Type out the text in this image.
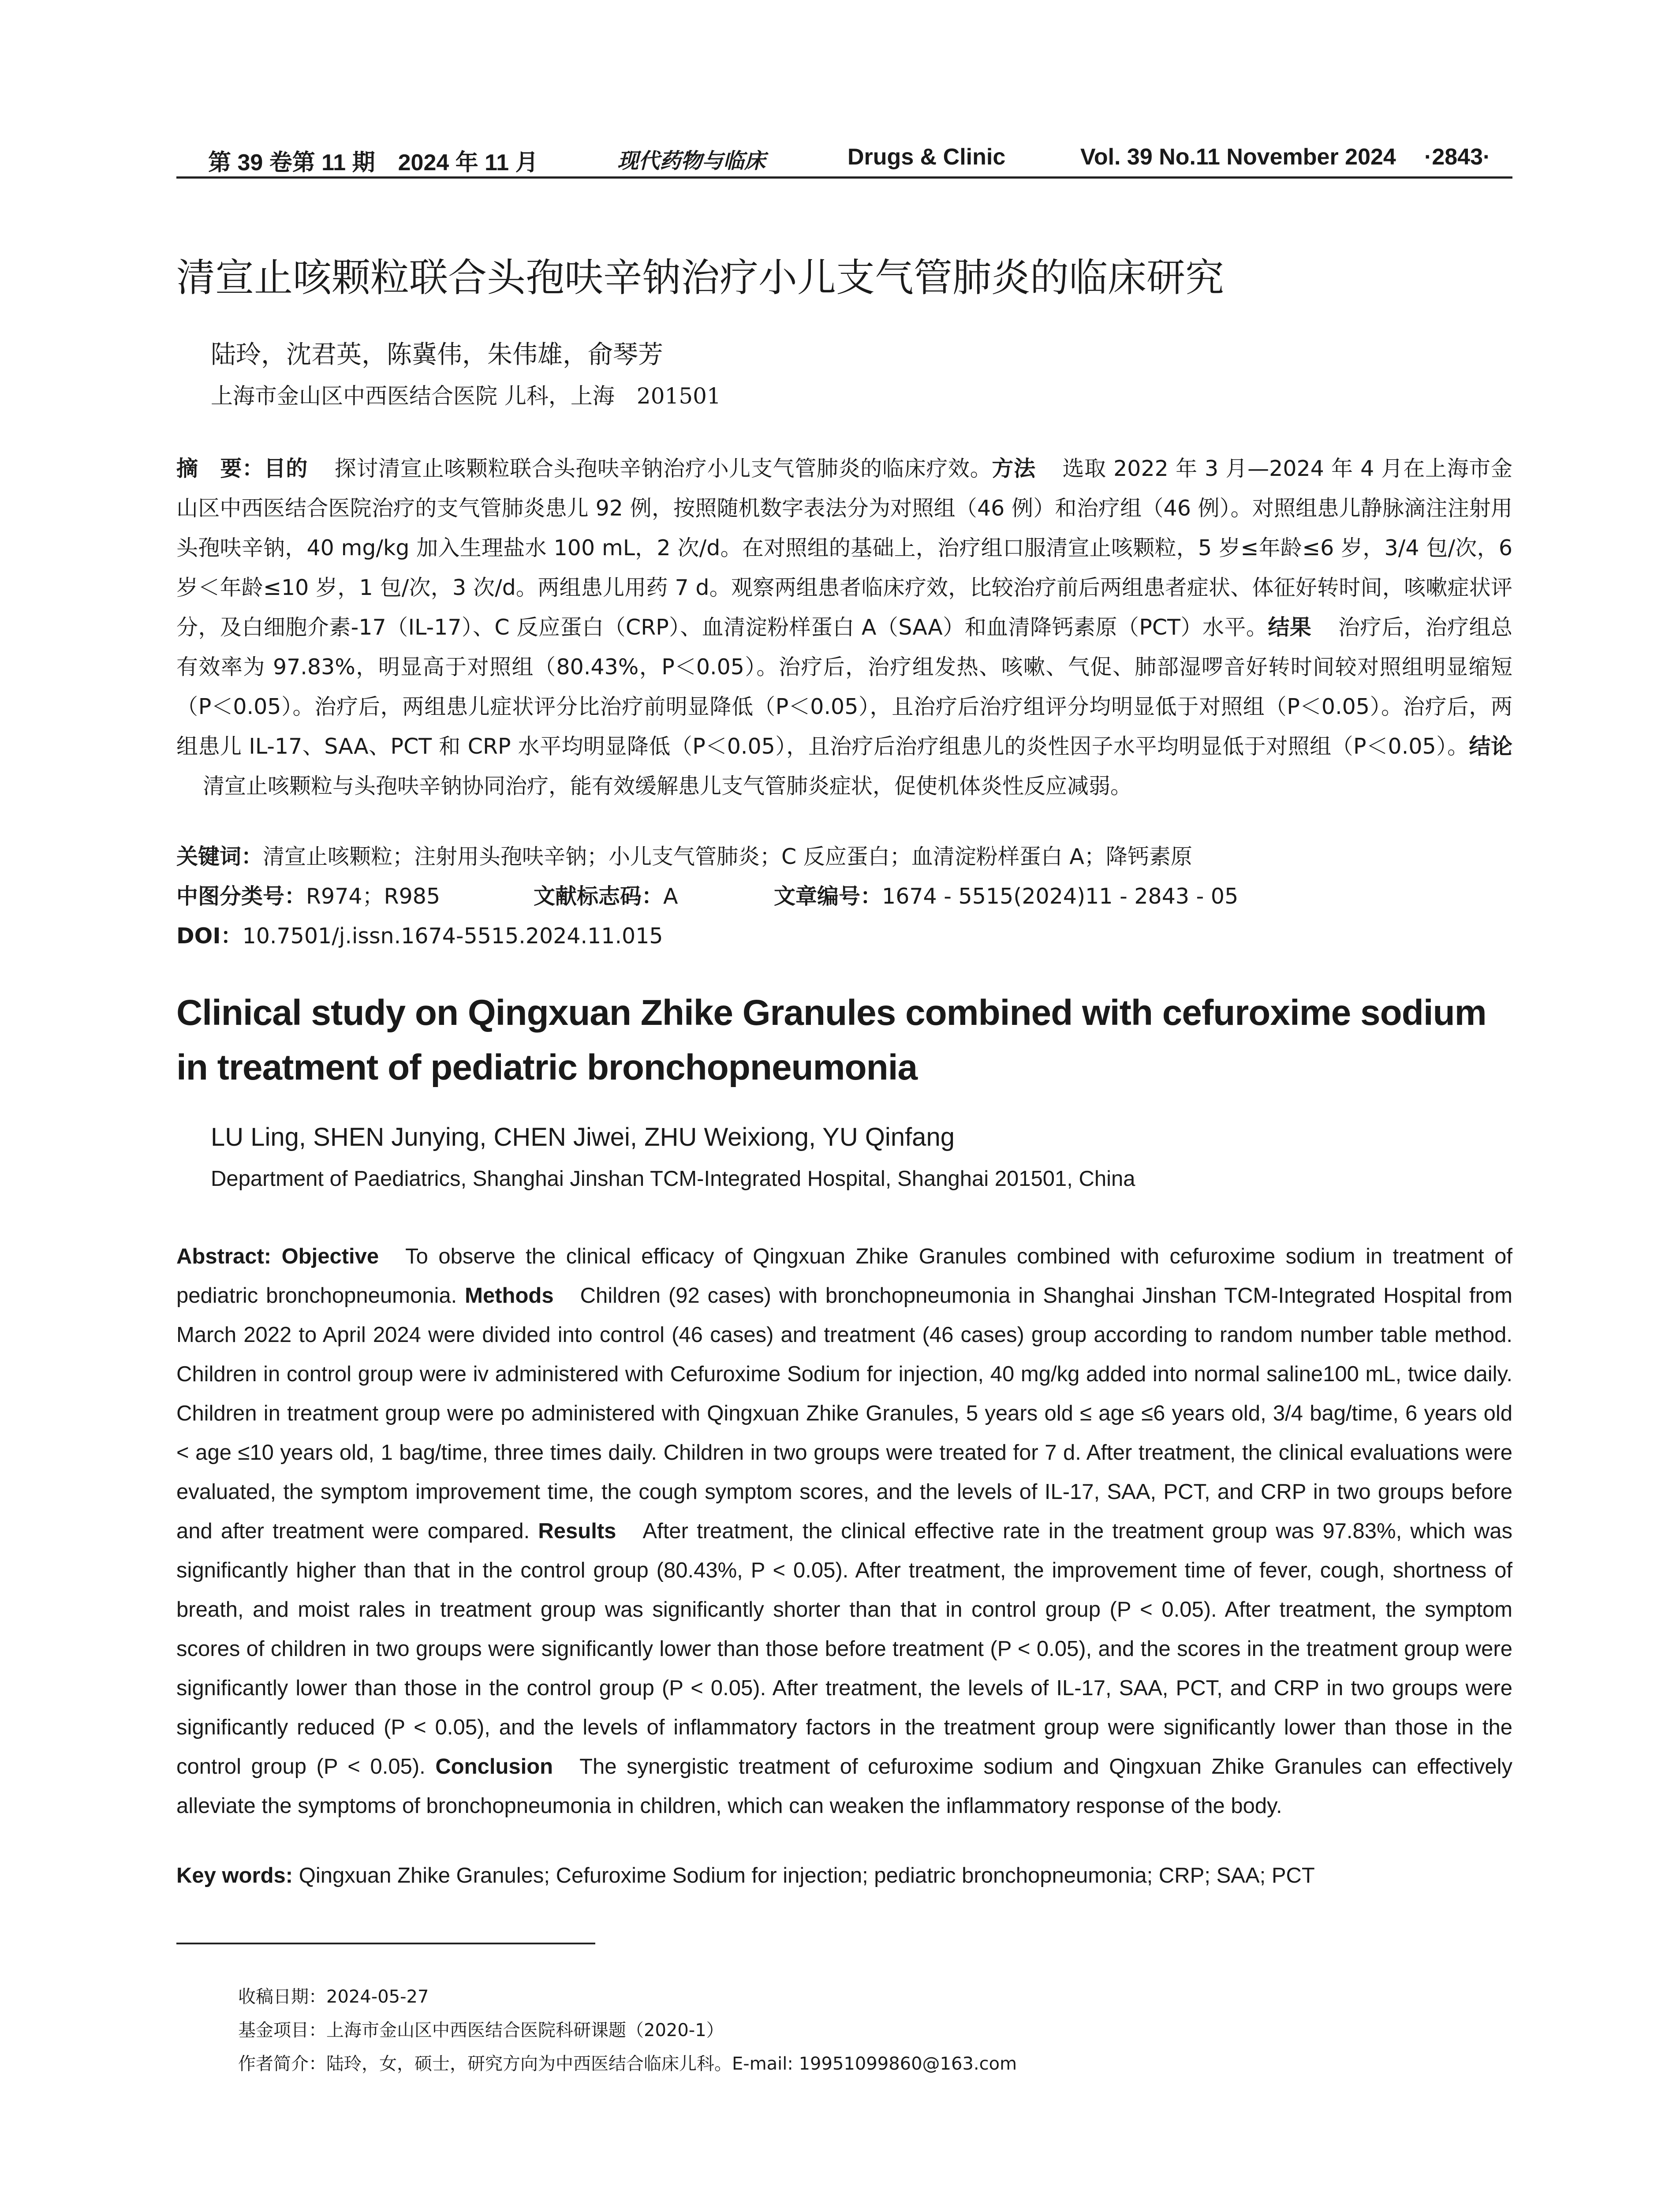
第 39 卷第 11 期　2024 年 11 月	现代药物与临床	Drugs & Clinic	Vol. 39 No.11 November 2024 ·2843·
清宣止咳颗粒联合头孢呋辛钠治疗小儿支气管肺炎的临床研究
陆玲，沈君英，陈冀伟，朱伟雄，俞琴芳
上海市金山区中西医结合医院 儿科，上海　201501
摘　要：目的 探讨清宣止咳颗粒联合头孢呋辛钠治疗小儿支气管肺炎的临床疗效。方法 选取 2022 年 3 月—2024 年 4 月在上海市金山区中西医结合医院治疗的支气管肺炎患儿 92 例，按照随机数字表法分为对照组（46 例）和治疗组（46 例）。对照组患儿静脉滴注注射用头孢呋辛钠，40 mg/kg 加入生理盐水 100 mL，2 次/d。在对照组的基础上，治疗组口服清宣止咳颗粒，5 岁≤年龄≤6 岁，3/4 包/次，6 岁＜年龄≤10 岁，1 包/次，3 次/d。两组患儿用药 7 d。观察两组患者临床疗效，比较治疗前后两组患者症状、体征好转时间，咳嗽症状评分，及白细胞介素-17（IL-17）、C 反应蛋白（CRP）、血清淀粉样蛋白 A（SAA）和血清降钙素原（PCT）水平。结果 治疗后，治疗组总有效率为 97.83%，明显高于对照组（80.43%，P＜0.05）。治疗后，治疗组发热、咳嗽、气促、肺部湿啰音好转时间较对照组明显缩短（P＜0.05）。治疗后，两组患儿症状评分比治疗前明显降低（P＜0.05），且治疗后治疗组评分均明显低于对照组（P＜0.05）。治疗后，两组患儿 IL-17、SAA、PCT 和 CRP 水平均明显降低（P＜0.05），且治疗后治疗组患儿的炎性因子水平均明显低于对照组（P＜0.05）。结论清宣止咳颗粒与头孢呋辛钠协同治疗，能有效缓解患儿支气管肺炎症状，促使机体炎性反应减弱。
关键词：清宣止咳颗粒；注射用头孢呋辛钠；小儿支气管肺炎；C 反应蛋白；血清淀粉样蛋白 A；降钙素原
中图分类号：R974；R985	文献标志码：A	文章编号：1674 - 5515(2024)11 - 2843 - 05
DOI：10.7501/j.issn.1674-5515.2024.11.015
Clinical study on Qingxuan Zhike Granules combined with cefuroxime sodium in treatment of pediatric bronchopneumonia
LU Ling, SHEN Junying, CHEN Jiwei, ZHU Weixiong, YU Qinfang
Department of Paediatrics, Shanghai Jinshan TCM-Integrated Hospital, Shanghai 201501, China
Abstract: Objective To observe the clinical efficacy of Qingxuan Zhike Granules combined with cefuroxime sodium in treatment of pediatric bronchopneumonia. Methods Children (92 cases) with bronchopneumonia in Shanghai Jinshan TCM-Integrated Hospital from March 2022 to April 2024 were divided into control (46 cases) and treatment (46 cases) group according to random number table method. Children in control group were iv administered with Cefuroxime Sodium for injection, 40 mg/kg added into normal saline100 mL, twice daily. Children in treatment group were po administered with Qingxuan Zhike Granules, 5 years old ≤ age ≤6 years old, 3/4 bag/time, 6 years old < age ≤10 years old, 1 bag/time, three times daily. Children in two groups were treated for 7 d. After treatment, the clinical evaluations were evaluated, the symptom improvement time, the cough symptom scores, and the levels of IL-17, SAA, PCT, and CRP in two groups before and after treatment were compared. Results After treatment, the clinical effective rate in the treatment group was 97.83%, which was significantly higher than that in the control group (80.43%, P < 0.05). After treatment, the improvement time of fever, cough, shortness of breath, and moist rales in treatment group was significantly shorter than that in control group (P < 0.05). After treatment, the symptom scores of children in two groups were significantly lower than those before treatment (P < 0.05), and the scores in the treatment group were significantly lower than those in the control group (P < 0.05). After treatment, the levels of IL-17, SAA, PCT, and CRP in two groups were significantly reduced (P < 0.05), and the levels of inflammatory factors in the treatment group were significantly lower than those in the control group (P < 0.05). Conclusion The synergistic treatment of cefuroxime sodium and Qingxuan Zhike Granules can effectively alleviate the symptoms of bronchopneumonia in children, which can weaken the inflammatory response of the body.
Key words: Qingxuan Zhike Granules; Cefuroxime Sodium for injection; pediatric bronchopneumonia; CRP; SAA; PCT
收稿日期：2024-05-27
基金项目：上海市金山区中西医结合医院科研课题（2020-1）
作者简介：陆玲，女，硕士，研究方向为中西医结合临床儿科。E-mail: 19951099860@163.com
